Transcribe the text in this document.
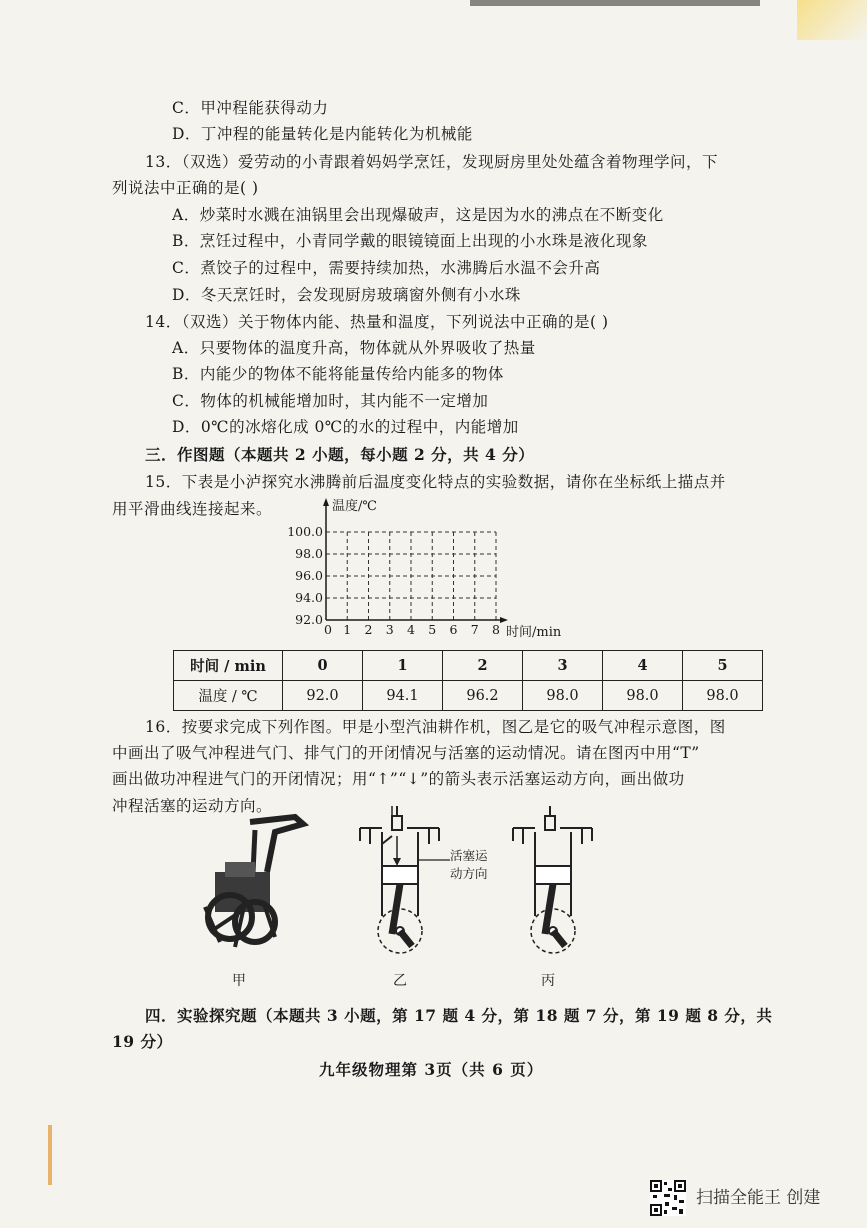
C．甲冲程能获得动力
D．丁冲程的能量转化是内能转化为机械能
13．（双选）爱劳动的小青跟着妈妈学烹饪，发现厨房里处处蕴含着物理学问，下
列说法中正确的是( )
A．炒菜时水溅在油锅里会出现爆破声，这是因为水的沸点在不断变化
B．烹饪过程中，小青同学戴的眼镜镜面上出现的小水珠是液化现象
C．煮饺子的过程中，需要持续加热，水沸腾后水温不会升高
D．冬天烹饪时，会发现厨房玻璃窗外侧有小水珠
14．（双选）关于物体内能、热量和温度，下列说法中正确的是( )
A．只要物体的温度升高，物体就从外界吸收了热量
B．内能少的物体不能将能量传给内能多的物体
C．物体的机械能增加时，其内能不一定增加
D．0℃的冰熔化成 0℃的水的过程中，内能增加
三．作图题（本题共 2 小题，每小题 2 分，共 4 分）
15．下表是小泸探究水沸腾前后温度变化特点的实验数据，请你在坐标纸上描点并
用平滑曲线连接起来。
0 1 2 3 4 5 6 7 8
92.0
94.0
96.0
98.0
100.0
温度/℃
时间/min
时间 / min	0	1	2	3	4	5
温度 / ℃	92.0	94.1	96.2	98.0	98.0	98.0
16．按要求完成下列作图。甲是小型汽油耕作机，图乙是它的吸气冲程示意图，图
中画出了吸气冲程进气门、排气门的开闭情况与活塞的运动情况。请在图丙中用“T”
画出做功冲程进气门的开闭情况；用“↑”“↓”的箭头表示活塞运动方向，画出做功
冲程活塞的运动方向。
甲
活塞运
动方向
乙	丙
四．实验探究题（本题共 3 小题，第 17 题 4 分，第 18 题 7 分，第 19 题 8 分，共
19 分）
九年级物理第 3页（共 6 页）
扫描全能王 创建
